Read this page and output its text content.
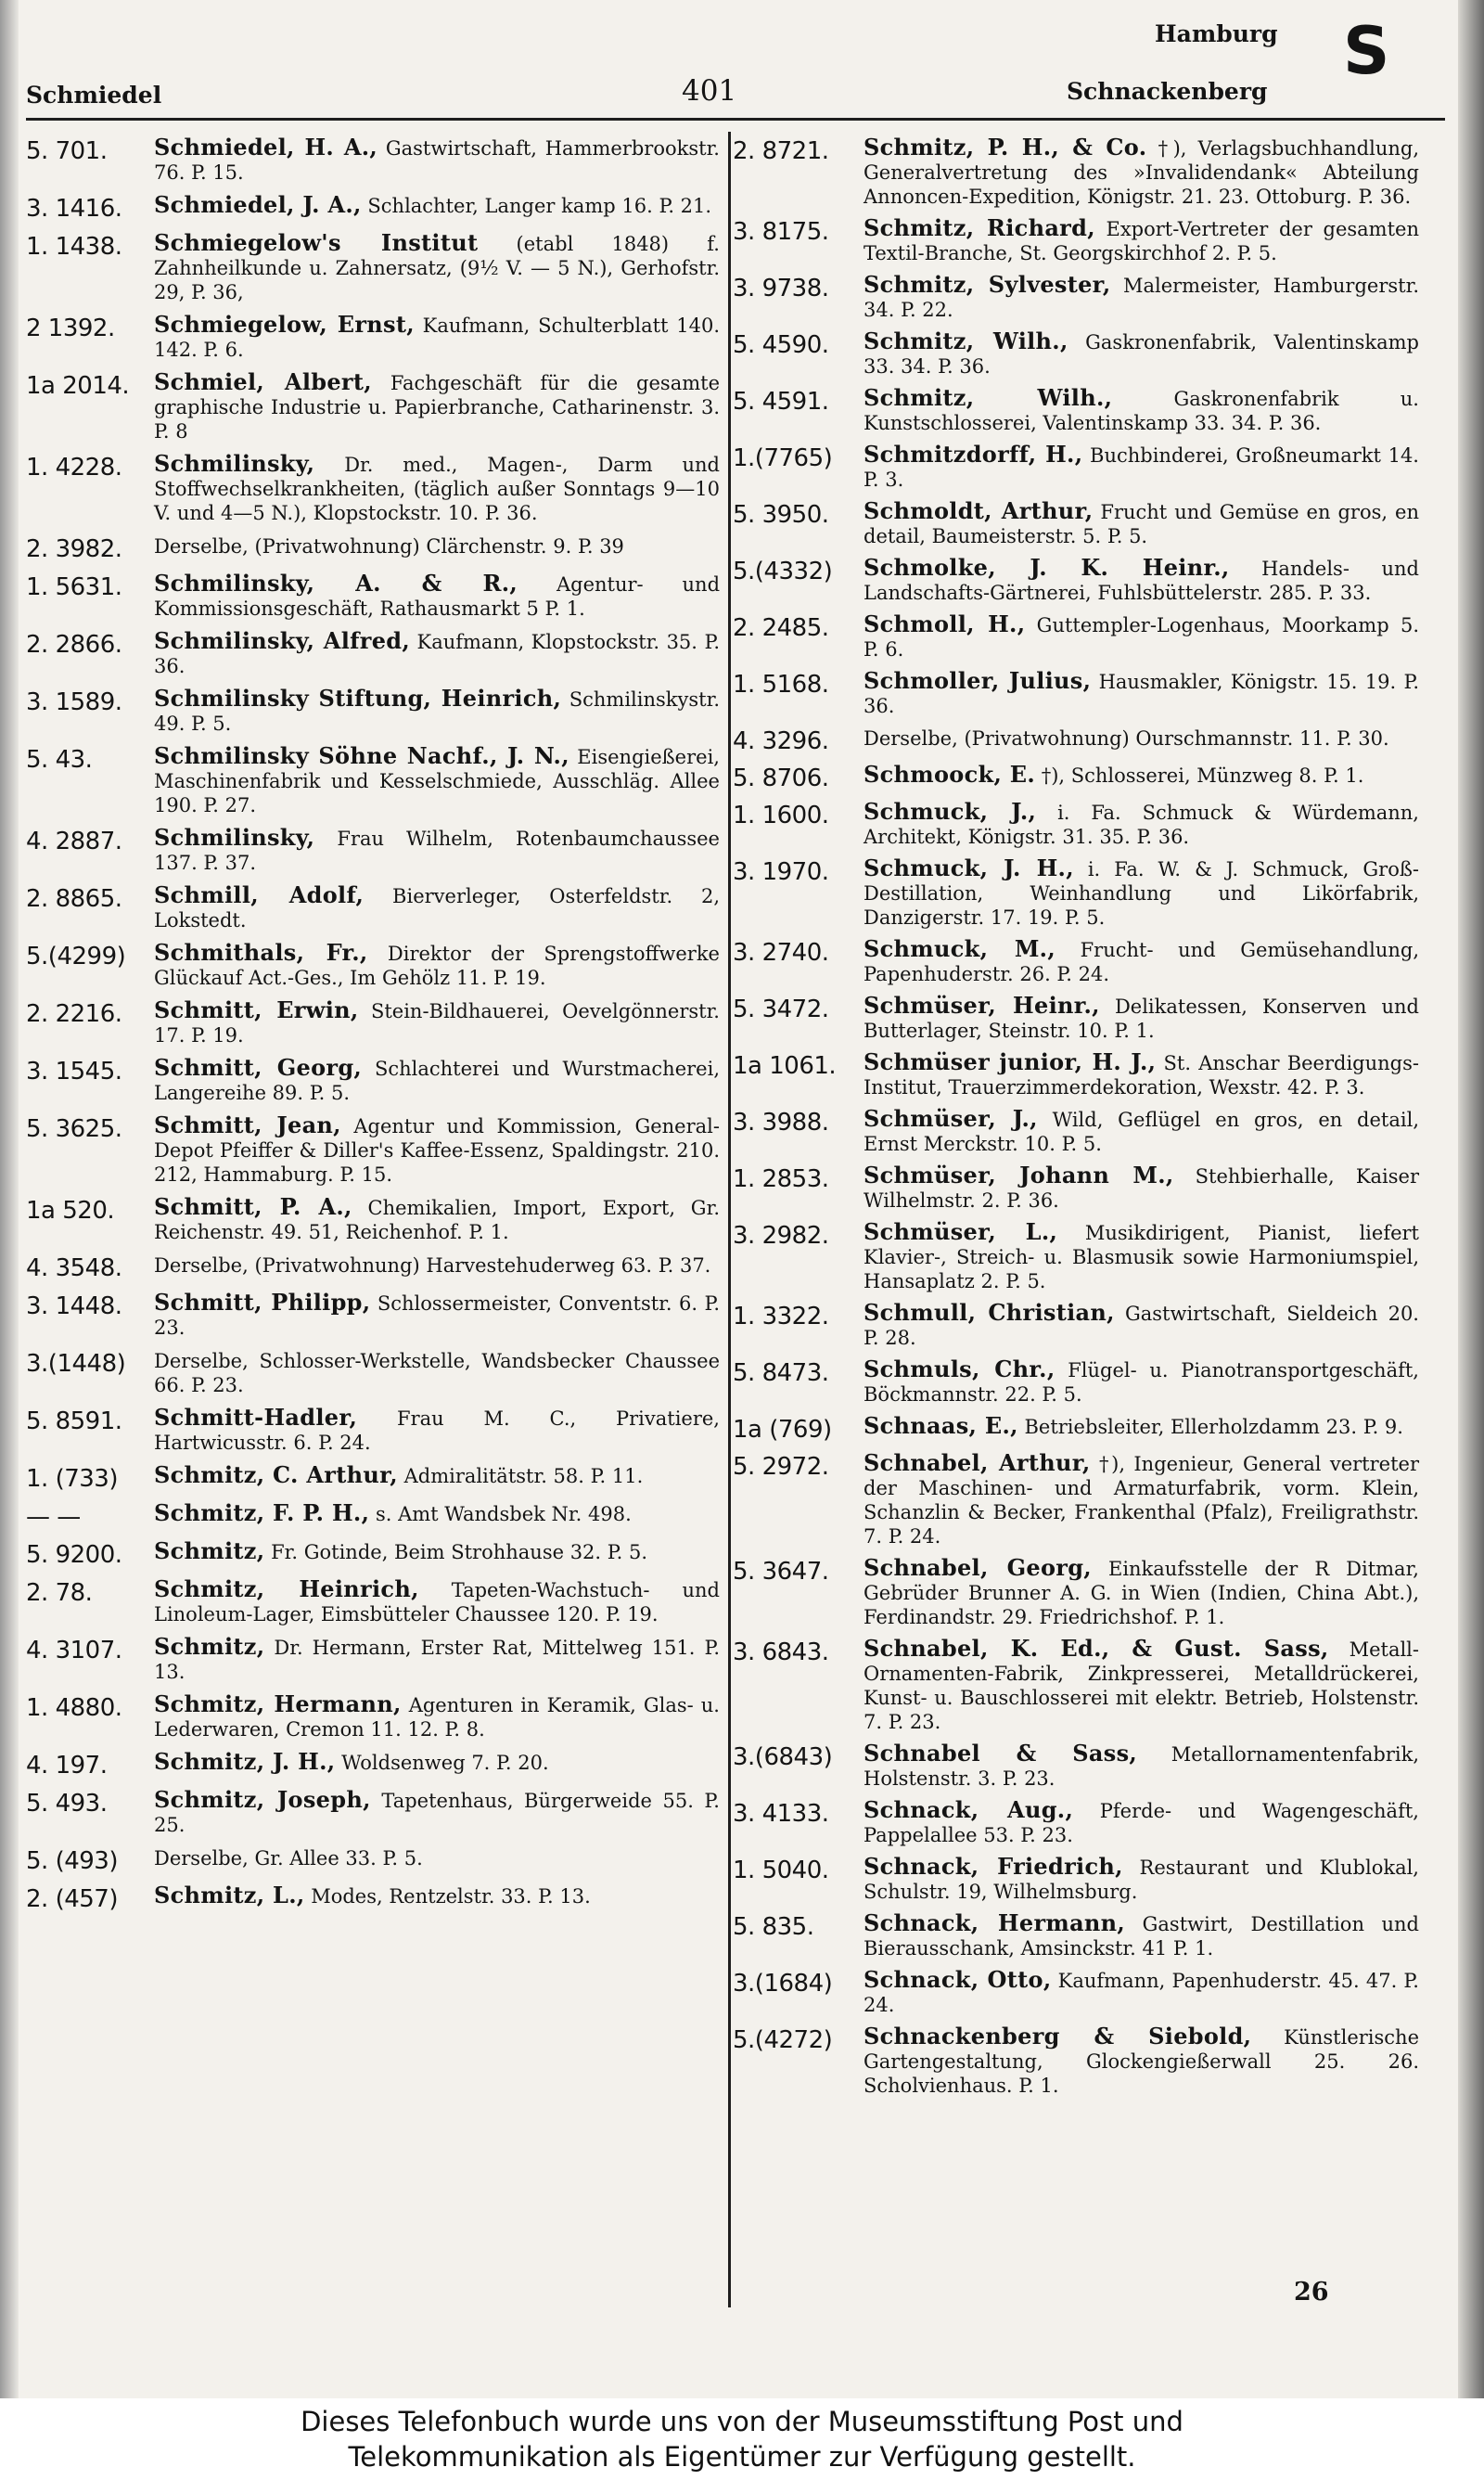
Schmiedel	401
Hamburg
Schnackenberg
S
5. 701.	Schmiedel, H. A., Gastwirtschaft, Hammerbrookstr. 76. P. 15.
3. 1416.	Schmiedel, J. A., Schlachter, Langer kamp 16. P. 21.
1. 1438.	Schmiegelow's Institut (etabl 1848) f. Zahnheilkunde u. Zahnersatz, (9½ V. — 5 N.), Gerhofstr. 29, P. 36,
2 1392.	Schmiegelow, Ernst, Kaufmann, Schulterblatt 140. 142. P. 6.
1a 2014.	Schmiel, Albert, Fachgeschäft für die gesamte graphische Industrie u. Papierbranche, Catharinenstr. 3. P. 8
1. 4228.	Schmilinsky, Dr. med., Magen-, Darm und Stoffwechselkrankheiten, (täglich außer Sonntags 9—10 V. und 4—5 N.), Klopstockstr. 10. P. 36.
2. 3982.	Derselbe, (Privatwohnung) Clärchenstr. 9. P. 39
1. 5631.	Schmilinsky, A. & R., Agentur- und Kommissionsgeschäft, Rathausmarkt 5 P. 1.
2. 2866.	Schmilinsky, Alfred, Kaufmann, Klopstockstr. 35. P. 36.
3. 1589.	Schmilinsky Stiftung, Heinrich, Schmilinskystr. 49. P. 5.
5. 43.	Schmilinsky Söhne Nachf., J. N., Eisengießerei, Maschinenfabrik und Kesselschmiede, Ausschläg. Allee 190. P. 27.
4. 2887.	Schmilinsky, Frau Wilhelm, Rotenbaumchaussee 137. P. 37.
2. 8865.	Schmill, Adolf, Bierverleger, Osterfeldstr. 2, Lokstedt.
5.(4299)	Schmithals, Fr., Direktor der Sprengstoffwerke Glückauf Act.-Ges., Im Gehölz 11. P. 19.
2. 2216.	Schmitt, Erwin, Stein-Bildhauerei, Oevelgönnerstr. 17. P. 19.
3. 1545.	Schmitt, Georg, Schlachterei und Wurstmacherei, Langereihe 89. P. 5.
5. 3625.	Schmitt, Jean, Agentur und Kommission, General-Depot Pfeiffer & Diller's Kaffee-Essenz, Spaldingstr. 210. 212, Hammaburg. P. 15.
1a 520.	Schmitt, P. A., Chemikalien, Import, Export, Gr. Reichenstr. 49. 51, Reichenhof. P. 1.
4. 3548.	Derselbe, (Privatwohnung) Harvestehuderweg 63. P. 37.
3. 1448.	Schmitt, Philipp, Schlossermeister, Conventstr. 6. P. 23.
3.(1448)	Derselbe, Schlosser-Werkstelle, Wandsbecker Chaussee 66. P. 23.
5. 8591.	Schmitt-Hadler, Frau M. C., Privatiere, Hartwicusstr. 6. P. 24.
1. (733)	Schmitz, C. Arthur, Admiralitätstr. 58. P. 11.
— —	Schmitz, F. P. H., s. Amt Wandsbek Nr. 498.
5. 9200.	Schmitz, Fr. Gotinde, Beim Strohhause 32. P. 5.
2. 78.	Schmitz, Heinrich, Tapeten-Wachstuch- und Linoleum-Lager, Eimsbütteler Chaussee 120. P. 19.
4. 3107.	Schmitz, Dr. Hermann, Erster Rat, Mittelweg 151. P. 13.
1. 4880.	Schmitz, Hermann, Agenturen in Keramik, Glas- u. Lederwaren, Cremon 11. 12. P. 8.
4. 197.	Schmitz, J. H., Woldsenweg 7. P. 20.
5. 493.	Schmitz, Joseph, Tapetenhaus, Bürgerweide 55. P. 25.
5. (493)	Derselbe, Gr. Allee 33. P. 5.
2. (457)	Schmitz, L., Modes, Rentzelstr. 33. P. 13.
2. 8721.	Schmitz, P. H., & Co. †), Verlagsbuchhandlung, Generalvertretung des »Invalidendank« Abteilung Annoncen-Expedition, Königstr. 21. 23. Ottoburg. P. 36.
3. 8175.	Schmitz, Richard, Export-Vertreter der gesamten Textil-Branche, St. Georgskirchhof 2. P. 5.
3. 9738.	Schmitz, Sylvester, Malermeister, Hamburgerstr. 34. P. 22.
5. 4590.	Schmitz, Wilh., Gaskronenfabrik, Valentinskamp 33. 34. P. 36.
5. 4591.	Schmitz, Wilh.,	Gaskronenfabrik u. Kunstschlosserei, Valentinskamp 33. 34. P. 36.
1.(7765)	Schmitzdorff, H., Buchbinderei, Großneumarkt 14. P. 3.
5. 3950.	Schmoldt, Arthur, Frucht und Gemüse en gros, en detail, Baumeisterstr. 5. P. 5.
5.(4332)	Schmolke, J. K. Heinr., Handels- und Landschafts-Gärtnerei, Fuhlsbüttelerstr. 285. P. 33.
2. 2485.	Schmoll, H., Guttempler-Logenhaus, Moorkamp 5. P. 6.
1. 5168.	Schmoller, Julius, Hausmakler, Königstr. 15. 19. P. 36.
4. 3296.	Derselbe, (Privatwohnung) Ourschmannstr. 11. P. 30.
5. 8706.	Schmoock, E. †), Schlosserei, Münzweg 8. P. 1.
1. 1600.	Schmuck, J., i. Fa. Schmuck & Würdemann, Architekt, Königstr. 31. 35. P. 36.
3. 1970.	Schmuck, J. H., i. Fa. W. & J. Schmuck, Groß-Destillation, Weinhandlung und Likörfabrik, Danzigerstr. 17. 19. P. 5.
3. 2740.	Schmuck, M., Frucht- und Gemüsehandlung, Papenhuderstr. 26. P. 24.
5. 3472.	Schmüser, Heinr., Delikatessen, Konserven und Butterlager, Steinstr. 10. P. 1.
1a 1061.	Schmüser junior, H. J., St. Anschar Beerdigungs-Institut, Trauerzimmerdekoration, Wexstr. 42. P. 3.
3. 3988.	Schmüser, J., Wild, Geflügel en gros, en detail, Ernst Merckstr. 10. P. 5.
1. 2853.	Schmüser, Johann M., Stehbierhalle, Kaiser Wilhelmstr. 2. P. 36.
3. 2982.	Schmüser, L., Musikdirigent, Pianist, liefert Klavier-, Streich- u. Blasmusik sowie Harmoniumspiel, Hansaplatz 2. P. 5.
1. 3322.	Schmull, Christian, Gastwirtschaft, Sieldeich 20. P. 28.
5. 8473.	Schmuls, Chr., Flügel- u. Pianotransportgeschäft, Böckmannstr. 22. P. 5.
1a (769)	Schnaas, E., Betriebsleiter, Ellerholzdamm 23. P. 9.
5. 2972.	Schnabel, Arthur, †), Ingenieur, General vertreter der Maschinen- und Armaturfabrik, vorm. Klein, Schanzlin & Becker, Frankenthal (Pfalz), Freiligrathstr. 7. P. 24.
5. 3647.	Schnabel, Georg, Einkaufsstelle der R Ditmar, Gebrüder Brunner A. G. in Wien (Indien, China Abt.), Ferdinandstr. 29. Friedrichshof. P. 1.
3. 6843.	Schnabel, K. Ed., & Gust. Sass, Metall-Ornamenten-Fabrik, Zinkpresserei, Metalldrückerei, Kunst- u. Bauschlosserei mit elektr. Betrieb, Holstenstr. 7. P. 23.
3.(6843)	Schnabel & Sass, Metallornamentenfabrik, Holstenstr. 3. P. 23.
3. 4133.	Schnack, Aug., Pferde- und Wagengeschäft, Pappelallee 53. P. 23.
1. 5040.	Schnack, Friedrich, Restaurant und Klublokal, Schulstr. 19, Wilhelmsburg.
5. 835.	Schnack, Hermann, Gastwirt, Destillation und Bierausschank, Amsinckstr. 41 P. 1.
3.(1684)	Schnack, Otto, Kaufmann, Papenhuderstr. 45. 47. P. 24.
5.(4272)	Schnackenberg & Siebold, Künstlerische Gartengestaltung, Glockengießerwall 25. 26. Scholvienhaus. P. 1.
26
Dieses Telefonbuch wurde uns von der Museumsstiftung Post und
Telekommunikation als Eigentümer zur Verfügung gestellt.
